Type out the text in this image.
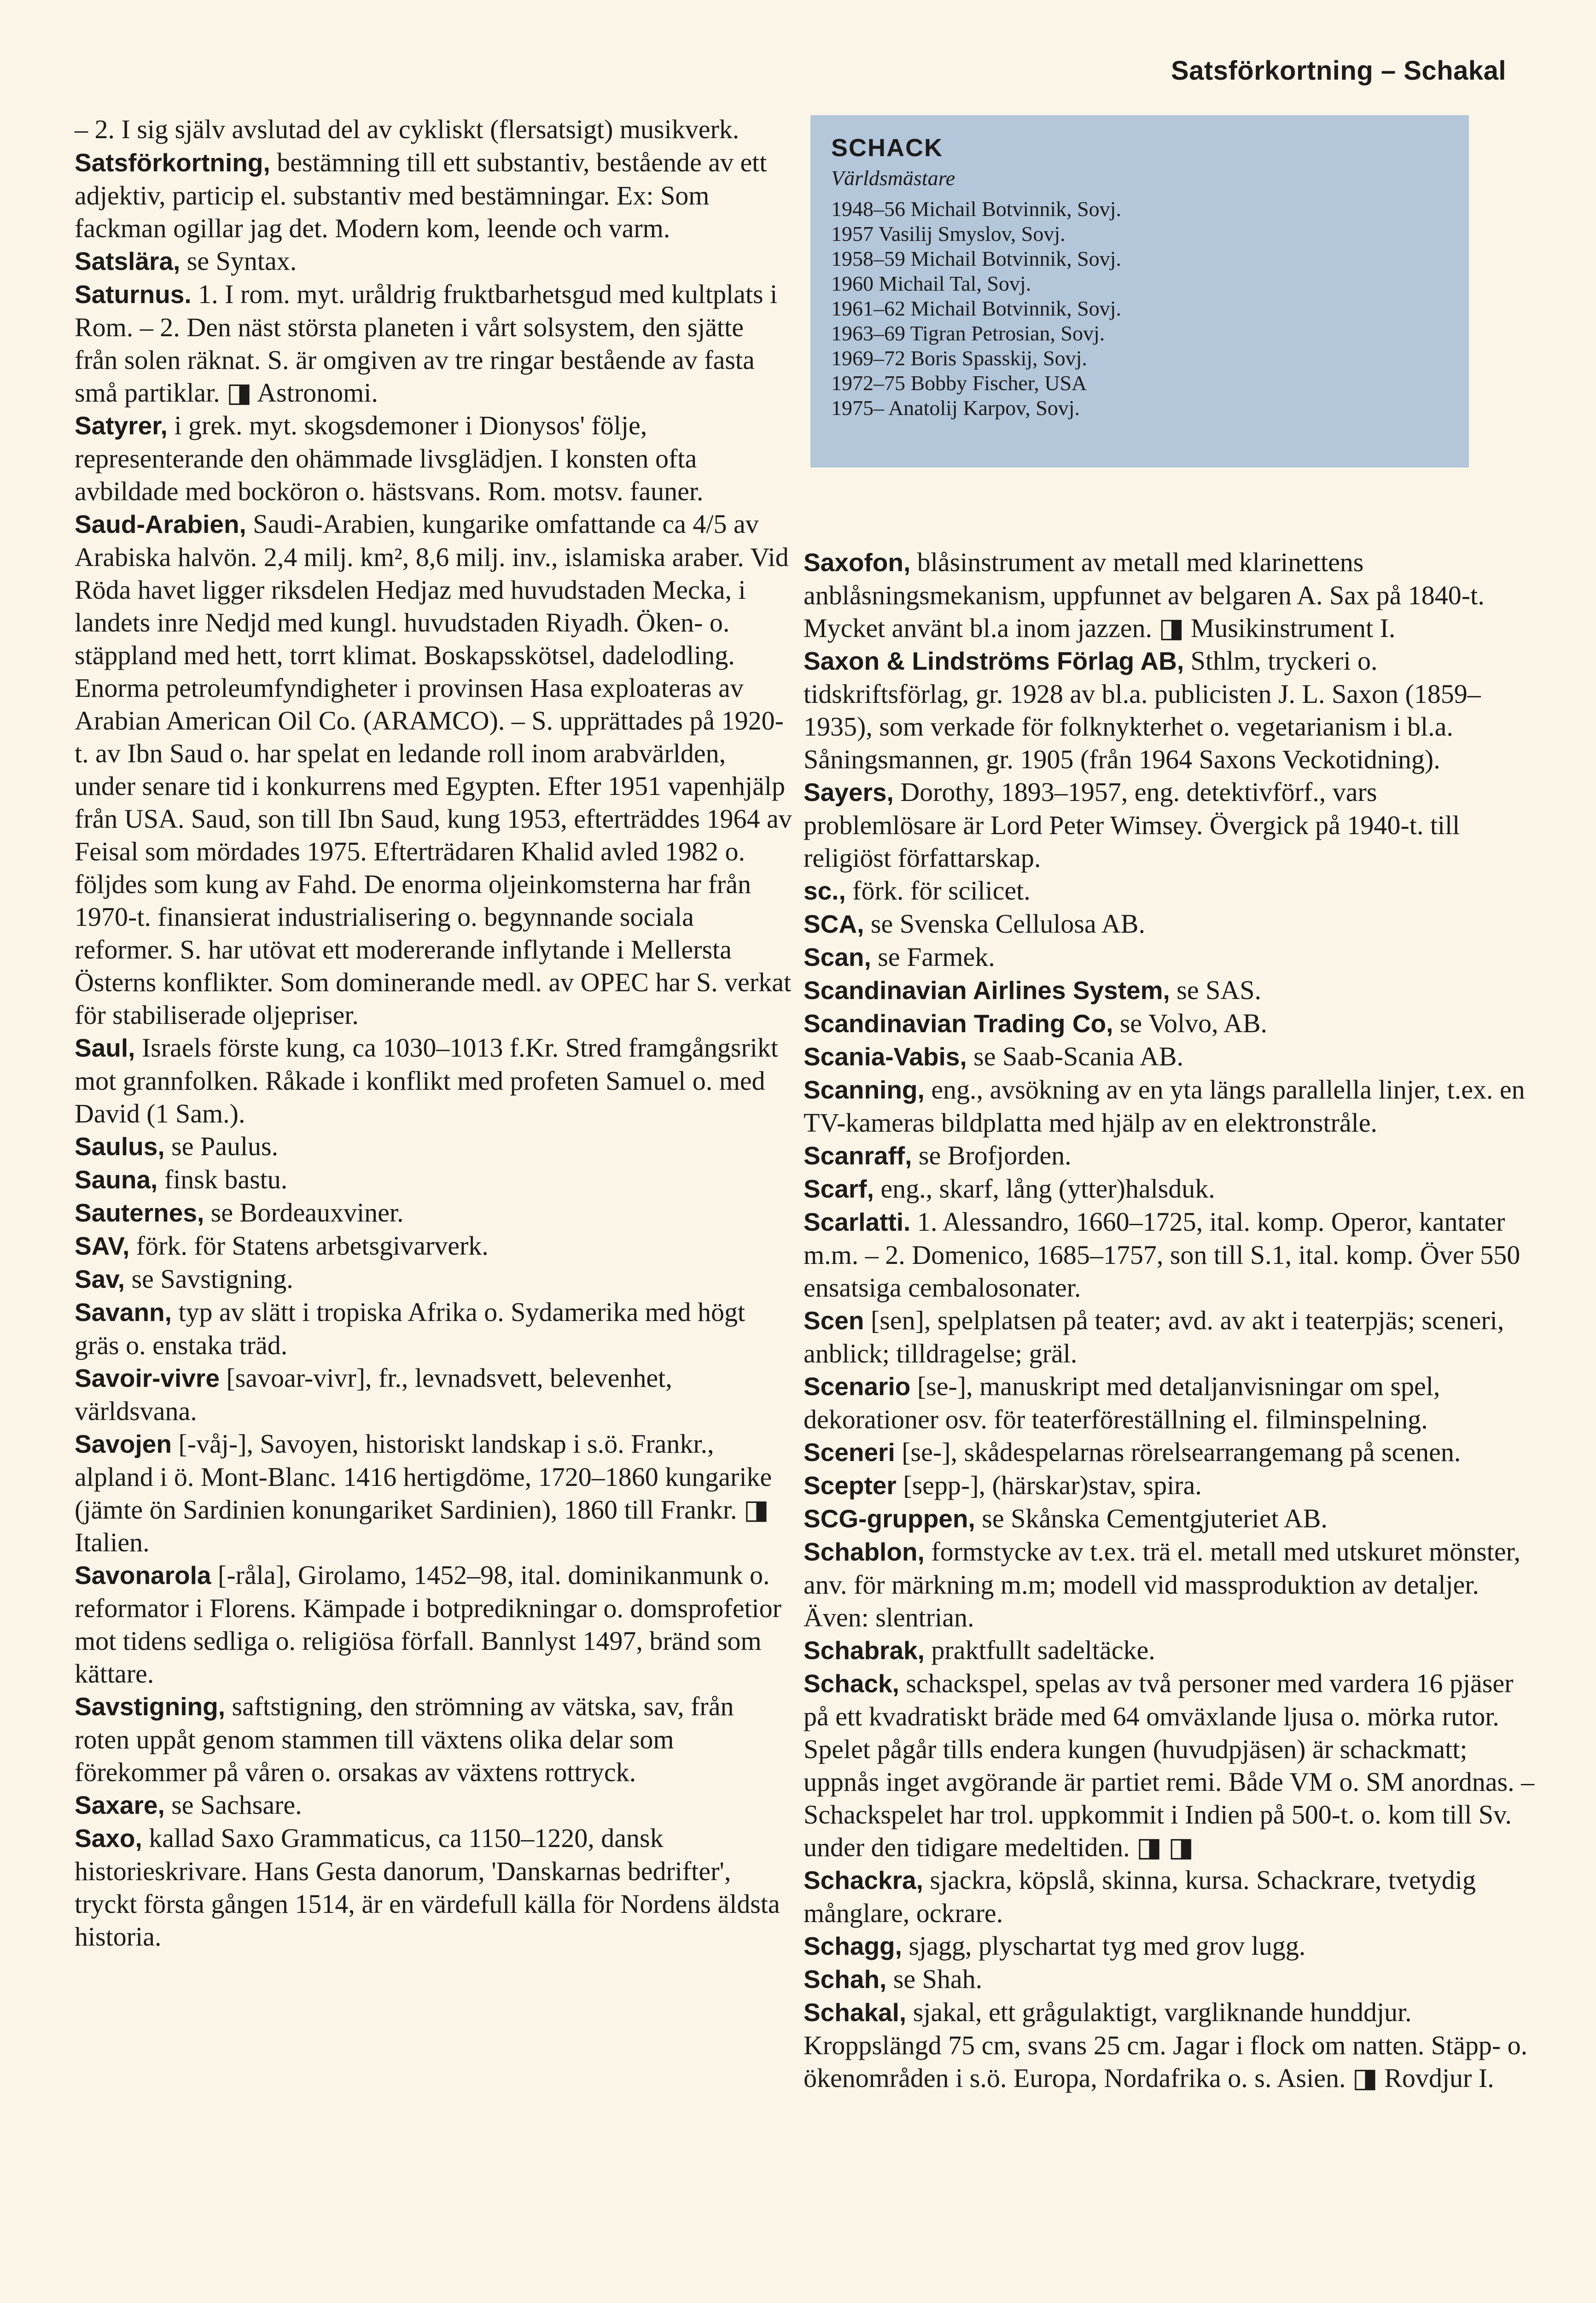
Satsförkortning – Schakal

– 2. I sig själv avslutad del av cykliskt (flersatsigt) musikverk.

Satsförkortning, bestämning till ett substantiv, bestående av ett adjektiv, particip el. substantiv med bestämningar. Ex: Som fackman ogillar jag det. Modern kom, leende och varm.

Satslära, se Syntax.

Saturnus. 1. I rom. myt. uråldrig fruktbarhetsgud med kultplats i Rom. – 2. Den näst största planeten i vårt solsystem, den sjätte från solen räknat. S. är omgiven av tre ringar bestående av fasta små partiklar. ◨ Astronomi.

Satyrer, i grek. myt. skogsdemoner i Dionysos' följe, representerande den ohämmade livsglädjen. I konsten ofta avbildade med bocköron o. hästsvans. Rom. motsv. fauner.

Saud-Arabien, Saudi-Arabien, kungarike omfattande ca 4/5 av Arabiska halvön. 2,4 milj. km², 8,6 milj. inv., islamiska araber. Vid Röda havet ligger riksdelen Hedjaz med huvudstaden Mecka, i landets inre Nedjd med kungl. huvudstaden Riyadh. Öken- o. stäppland med hett, torrt klimat. Boskapsskötsel, dadelodling. Enorma petroleumfyndigheter i provinsen Hasa exploateras av Arabian American Oil Co. (ARAMCO). – S. upprättades på 1920-t. av Ibn Saud o. har spelat en ledande roll inom arabvärlden, under senare tid i konkurrens med Egypten. Efter 1951 vapenhjälp från USA. Saud, son till Ibn Saud, kung 1953, efterträddes 1964 av Feisal som mördades 1975. Efterträdaren Khalid avled 1982 o. följdes som kung av Fahd. De enorma oljeinkomsterna har från 1970-t. finansierat industrialisering o. begynnande sociala reformer. S. har utövat ett modererande inflytande i Mellersta Österns konflikter. Som dominerande medl. av OPEC har S. verkat för stabiliserade oljepriser.

Saul, Israels förste kung, ca 1030–1013 f.Kr. Stred framgångsrikt mot grannfolken. Råkade i konflikt med profeten Samuel o. med David (1 Sam.).

Saulus, se Paulus.

Sauna, finsk bastu.

Sauternes, se Bordeauxviner.

SAV, förk. för Statens arbetsgivarverk.

Sav, se Savstigning.

Savann, typ av slätt i tropiska Afrika o. Sydamerika med högt gräs o. enstaka träd.

Savoir-vivre [savoar-vivr], fr., levnadsvett, belevenhet, världsvana.

Savojen [-våj-], Savoyen, historiskt landskap i s.ö. Frankr., alpland i ö. Mont-Blanc. 1416 hertigdöme, 1720–1860 kungarike (jämte ön Sardinien konungariket Sardinien), 1860 till Frankr. ◨ Italien.

Savonarola [-råla], Girolamo, 1452–98, ital. dominikanmunk o. reformator i Florens. Kämpade i botpredikningar o. domsprofetior mot tidens sedliga o. religiösa förfall. Bannlyst 1497, bränd som kättare.

Savstigning, saftstigning, den strömning av vätska, sav, från roten uppåt genom stammen till växtens olika delar som förekommer på våren o. orsakas av växtens rottryck.

Saxare, se Sachsare.

Saxo, kallad Saxo Grammaticus, ca 1150–1220, dansk historieskrivare. Hans Gesta danorum, 'Danskarnas bedrifter', tryckt första gången 1514, är en värdefull källa för Nordens äldsta historia.

SCHACK
Världsmästare
1948–56 Michail Botvinnik, Sovj.
1957 Vasilij Smyslov, Sovj.
1958–59 Michail Botvinnik, Sovj.
1960 Michail Tal, Sovj.
1961–62 Michail Botvinnik, Sovj.
1963–69 Tigran Petrosian, Sovj.
1969–72 Boris Spasskij, Sovj.
1972–75 Bobby Fischer, USA
1975– Anatolij Karpov, Sovj.

Saxofon, blåsinstrument av metall med klarinettens anblåsningsmekanism, uppfunnet av belgaren A. Sax på 1840-t. Mycket använt bl.a inom jazzen. ◨ Musikinstrument I.

Saxon & Lindströms Förlag AB, Sthlm, tryckeri o. tidskriftsförlag, gr. 1928 av bl.a. publicisten J. L. Saxon (1859–1935), som verkade för folknykterhet o. vegetarianism i bl.a. Såningsmannen, gr. 1905 (från 1964 Saxons Veckotidning).

Sayers, Dorothy, 1893–1957, eng. detektivförf., vars problemlösare är Lord Peter Wimsey. Övergick på 1940-t. till religiöst författarskap.

sc., förk. för scilicet.

SCA, se Svenska Cellulosa AB.

Scan, se Farmek.

Scandinavian Airlines System, se SAS.

Scandinavian Trading Co, se Volvo, AB.

Scania-Vabis, se Saab-Scania AB.

Scanning, eng., avsökning av en yta längs parallella linjer, t.ex. en TV-kameras bildplatta med hjälp av en elektronstråle.

Scanraff, se Brofjorden.

Scarf, eng., skarf, lång (ytter)halsduk.

Scarlatti. 1. Alessandro, 1660–1725, ital. komp. Operor, kantater m.m. – 2. Domenico, 1685–1757, son till S.1, ital. komp. Över 550 ensatsiga cembalosonater.

Scen [sen], spelplatsen på teater; avd. av akt i teaterpjäs; sceneri, anblick; tilldragelse; gräl.

Scenario [se-], manuskript med detaljanvisningar om spel, dekorationer osv. för teaterföreställning el. filminspelning.

Sceneri [se-], skådespelarnas rörelsearrangemang på scenen.

Scepter [sepp-], (härskar)stav, spira.

SCG-gruppen, se Skånska Cementgjuteriet AB.

Schablon, formstycke av t.ex. trä el. metall med utskuret mönster, anv. för märkning m.m; modell vid massproduktion av detaljer. Även: slentrian.

Schabrak, praktfullt sadeltäcke.

Schack, schackspel, spelas av två personer med vardera 16 pjäser på ett kvadratiskt bräde med 64 omväxlande ljusa o. mörka rutor. Spelet pågår tills endera kungen (huvudpjäsen) är schackmatt; uppnås inget avgörande är partiet remi. Både VM o. SM anordnas. – Schackspelet har trol. uppkommit i Indien på 500-t. o. kom till Sv. under den tidigare medeltiden. ◨ ◨

Schackra, sjackra, köpslå, skinna, kursa. Schackrare, tvetydig månglare, ockrare.

Schagg, sjagg, plyschartat tyg med grov lugg.

Schah, se Shah.

Schakal, sjakal, ett grågulaktigt, vargliknande hunddjur. Kroppslängd 75 cm, svans 25 cm. Jagar i flock om natten. Stäpp- o. ökenområden i s.ö. Europa, Nordafrika o. s. Asien. ◨ Rovdjur I.
